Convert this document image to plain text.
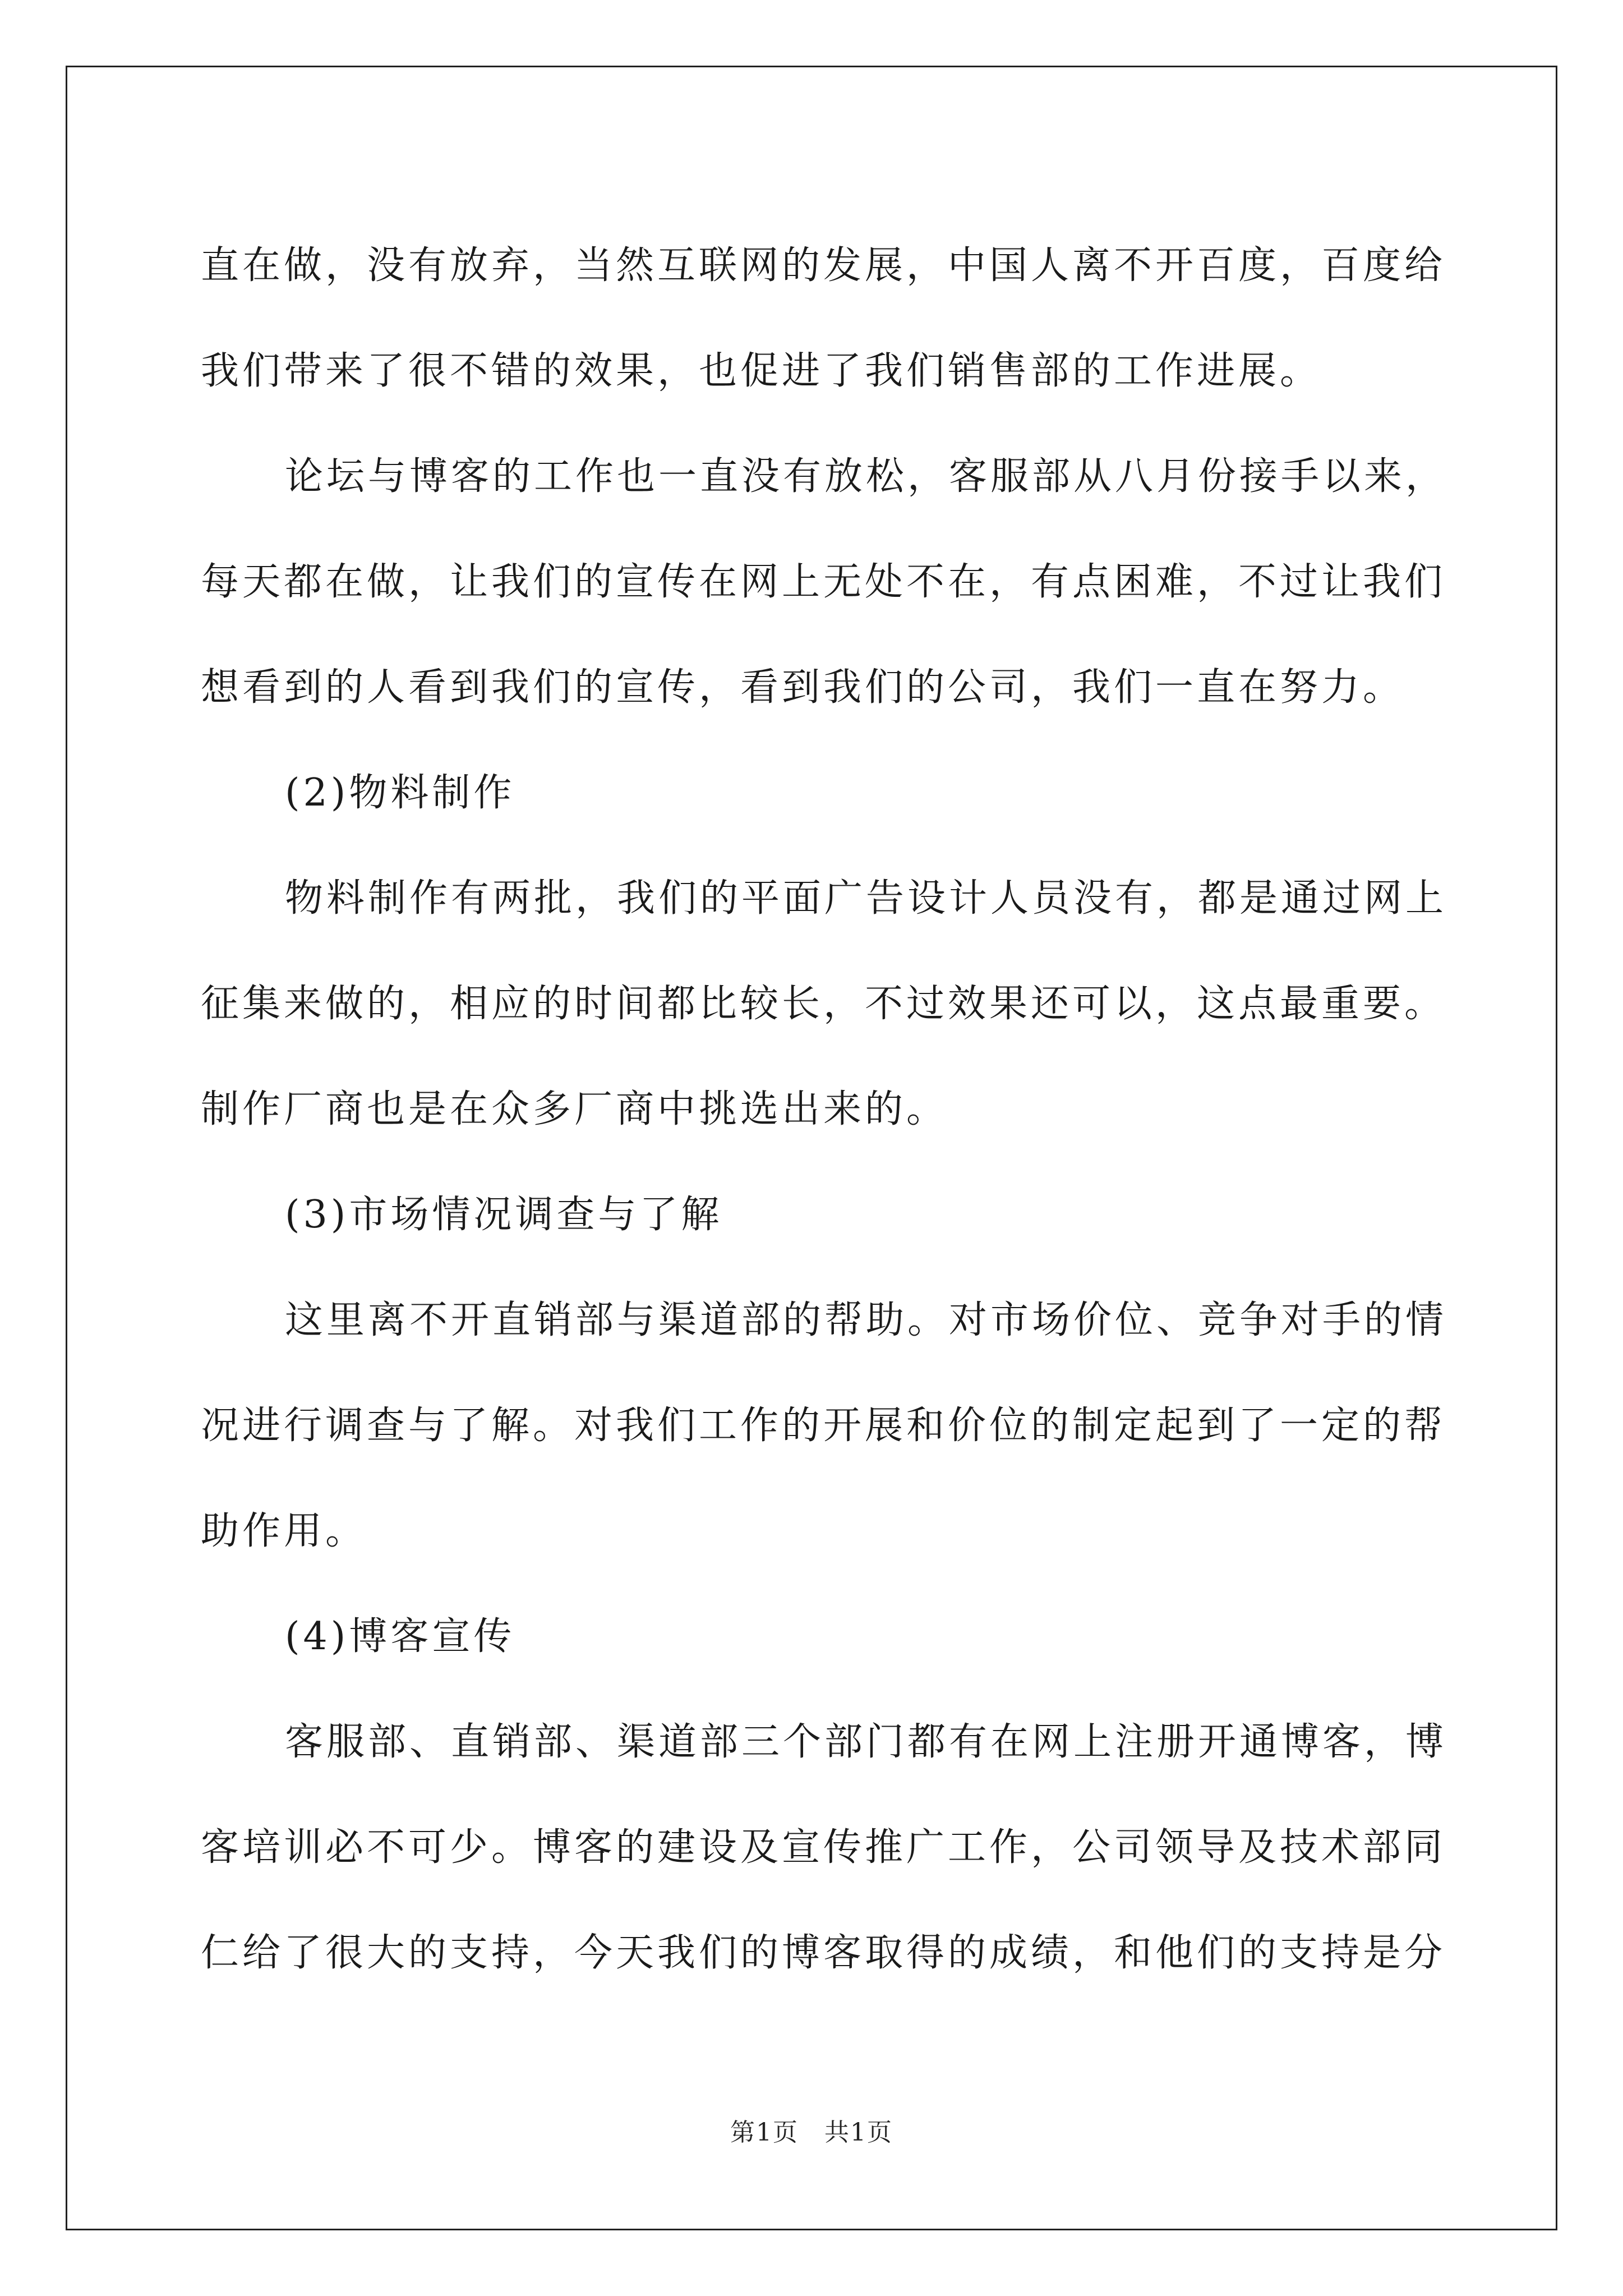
直在做，没有放弃，当然互联网的发展，中国人离不开百度，百度给
我们带来了很不错的效果，也促进了我们销售部的工作进展。
论坛与博客的工作也一直没有放松，客服部从八月份接手以来，
每天都在做，让我们的宣传在网上无处不在，有点困难，不过让我们
想看到的人看到我们的宣传，看到我们的公司，我们一直在努力。
(2)物料制作
物料制作有两批，我们的平面广告设计人员没有，都是通过网上
征集来做的，相应的时间都比较长，不过效果还可以，这点最重要。
制作厂商也是在众多厂商中挑选出来的。
(3)市场情况调查与了解
这里离不开直销部与渠道部的帮助。对市场价位、竞争对手的情
况进行调查与了解。对我们工作的开展和价位的制定起到了一定的帮
助作用。
(4)博客宣传
客服部、直销部、渠道部三个部门都有在网上注册开通博客，博
客培训必不可少。博客的建设及宣传推广工作，公司领导及技术部同
仁给了很大的支持，今天我们的博客取得的成绩，和他们的支持是分
第1页　共1页
